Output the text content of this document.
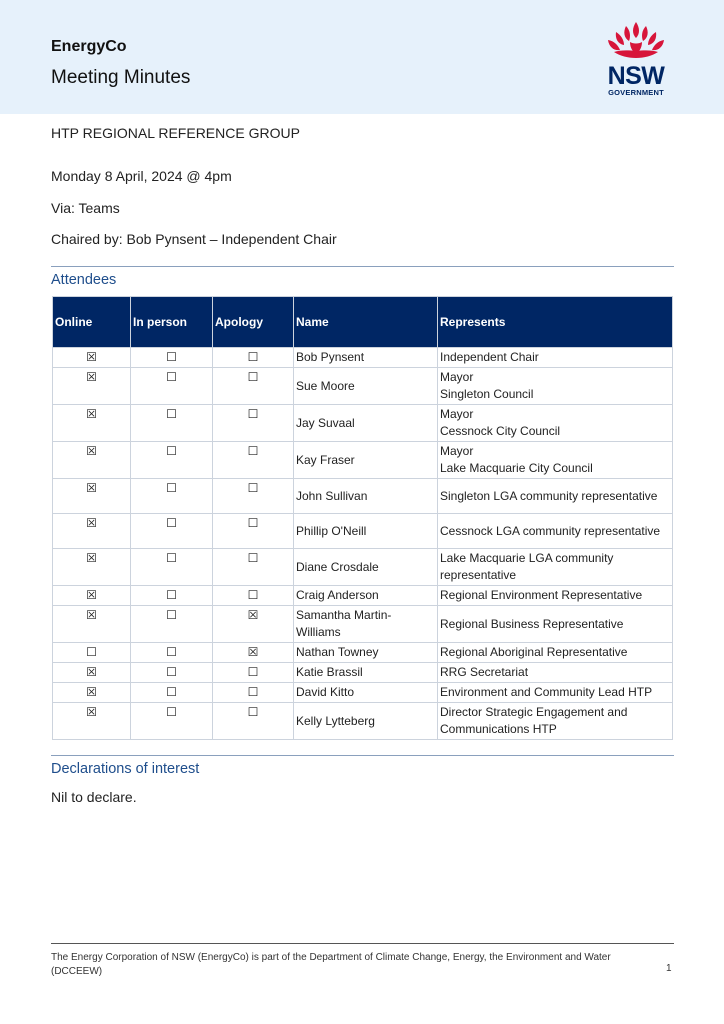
EnergyCo
Meeting Minutes	NSW
GOVERNMENT
HTP REGIONAL REFERENCE GROUP
Monday 8 April, 2024 @ 4pm
Via: Teams
Chaired by: Bob Pynsent – Independent Chair
Attendees
Online	In person	Apology	Name	Represents
☒	☐	☐	Bob Pynsent	Independent Chair
☒	☐	☐	Sue Moore	Mayor
Singleton Council
☒	☐	☐	Jay Suvaal	Mayor
Cessnock City Council
☒	☐	☐	Kay Fraser	Mayor
Lake Macquarie City Council
☒	☐	☐	John Sullivan	Singleton LGA community representative
☒	☐	☐	Phillip O'Neill	Cessnock LGA community representative
☒	☐	☐	Diane Crosdale	Lake Macquarie LGA community representative
☒	☐	☐	Craig Anderson	Regional Environment Representative
☒	☐	☒	Samantha Martin-Williams	Regional Business Representative
☐	☐	☒	Nathan Towney	Regional Aboriginal Representative
☒	☐	☐	Katie Brassil	RRG Secretariat
☒	☐	☐	David Kitto	Environment and Community Lead HTP
☒	☐	☐	Kelly Lytteberg	Director Strategic Engagement and Communications HTP
Declarations of interest
Nil to declare.
The Energy Corporation of NSW (EnergyCo) is part of the Department of Climate Change, Energy, the Environment and Water (DCCEEW)	1
